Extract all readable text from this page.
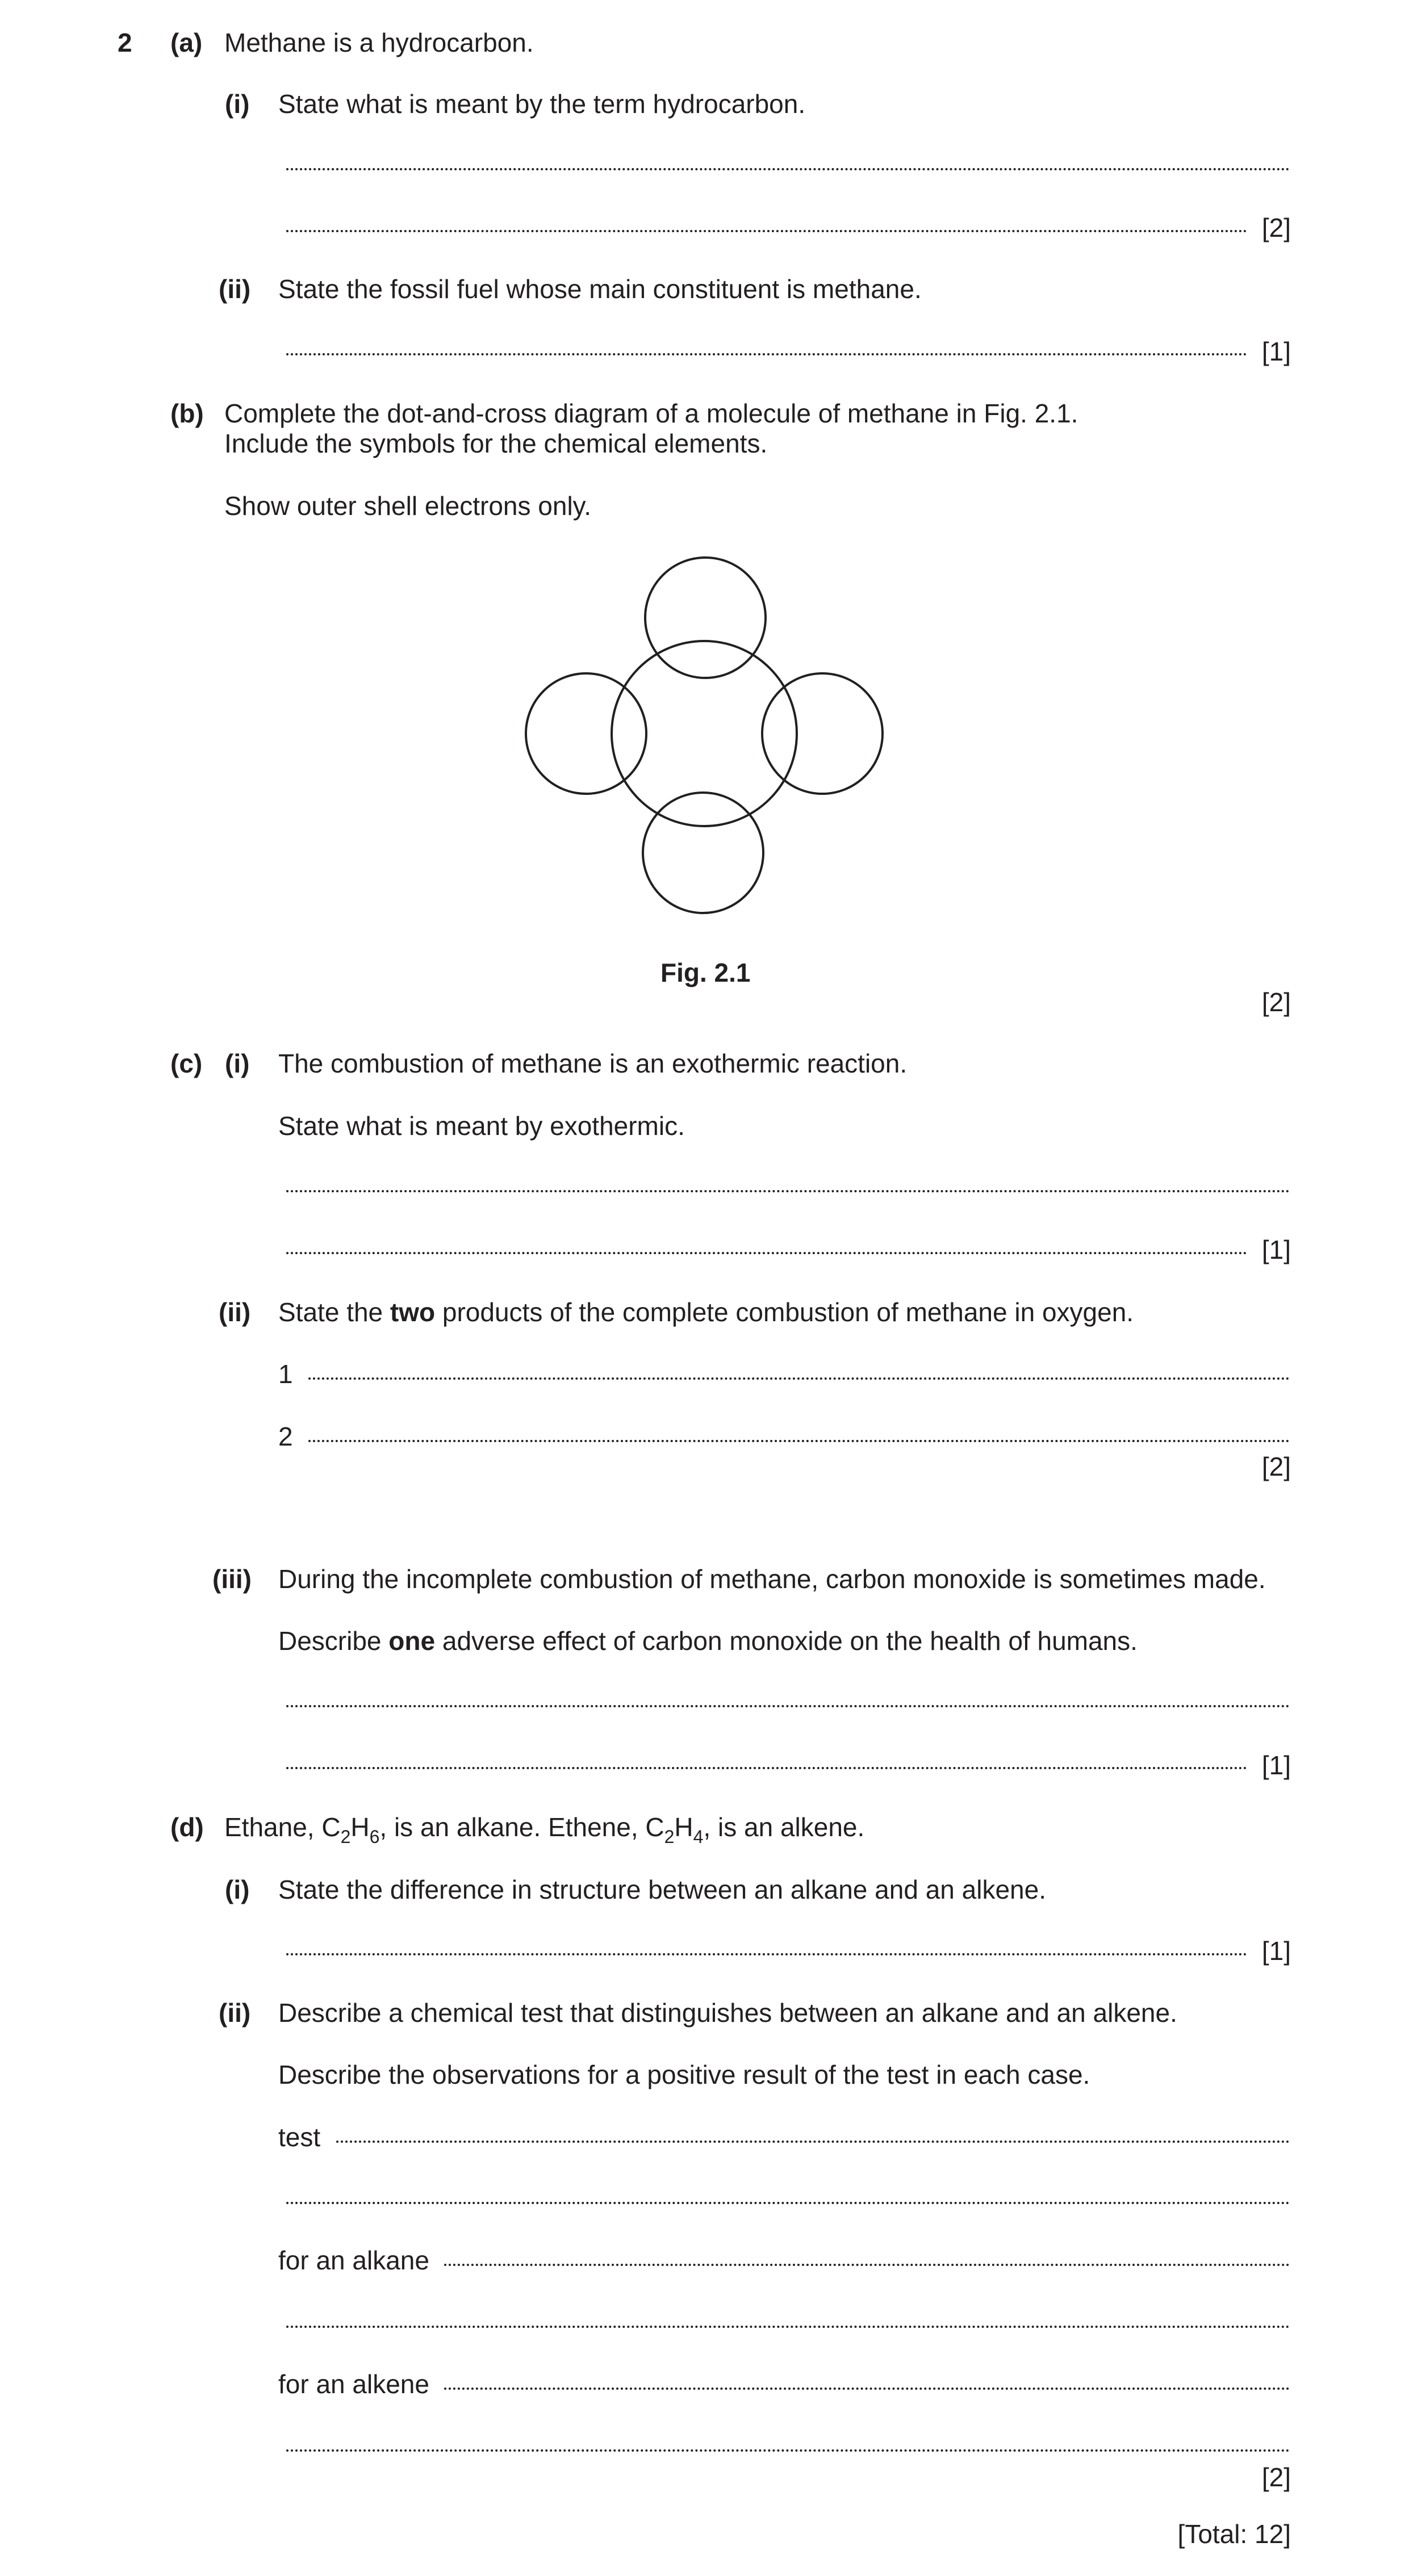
2 (a) Methane is a hydrocarbon.
(i) State what is meant by the term hydrocarbon.
[2]
(ii) State the fossil fuel whose main constituent is methane.
[1]
(b) Complete the dot-and-cross diagram of a molecule of methane in Fig. 2.1.
Include the symbols for the chemical elements.
Show outer shell electrons only.
Fig. 2.1
[2]
(c) (i) The combustion of methane is an exothermic reaction.
State what is meant by exothermic.
[1]
(ii) State the two products of the complete combustion of methane in oxygen.
1
2
[2]
(iii) During the incomplete combustion of methane, carbon monoxide is sometimes made.
Describe one adverse effect of carbon monoxide on the health of humans.
[1]
(d) Ethane, $C_2H_6$, is an alkane. Ethene, $C_2H_4$, is an alkene.
(i) State the difference in structure between an alkane and an alkene.
[1]
(ii) Describe a chemical test that distinguishes between an alkane and an alkene.
Describe the observations for a positive result of the test in each case.
test
for an alkane
for an alkene
[2]
[Total: 12]
